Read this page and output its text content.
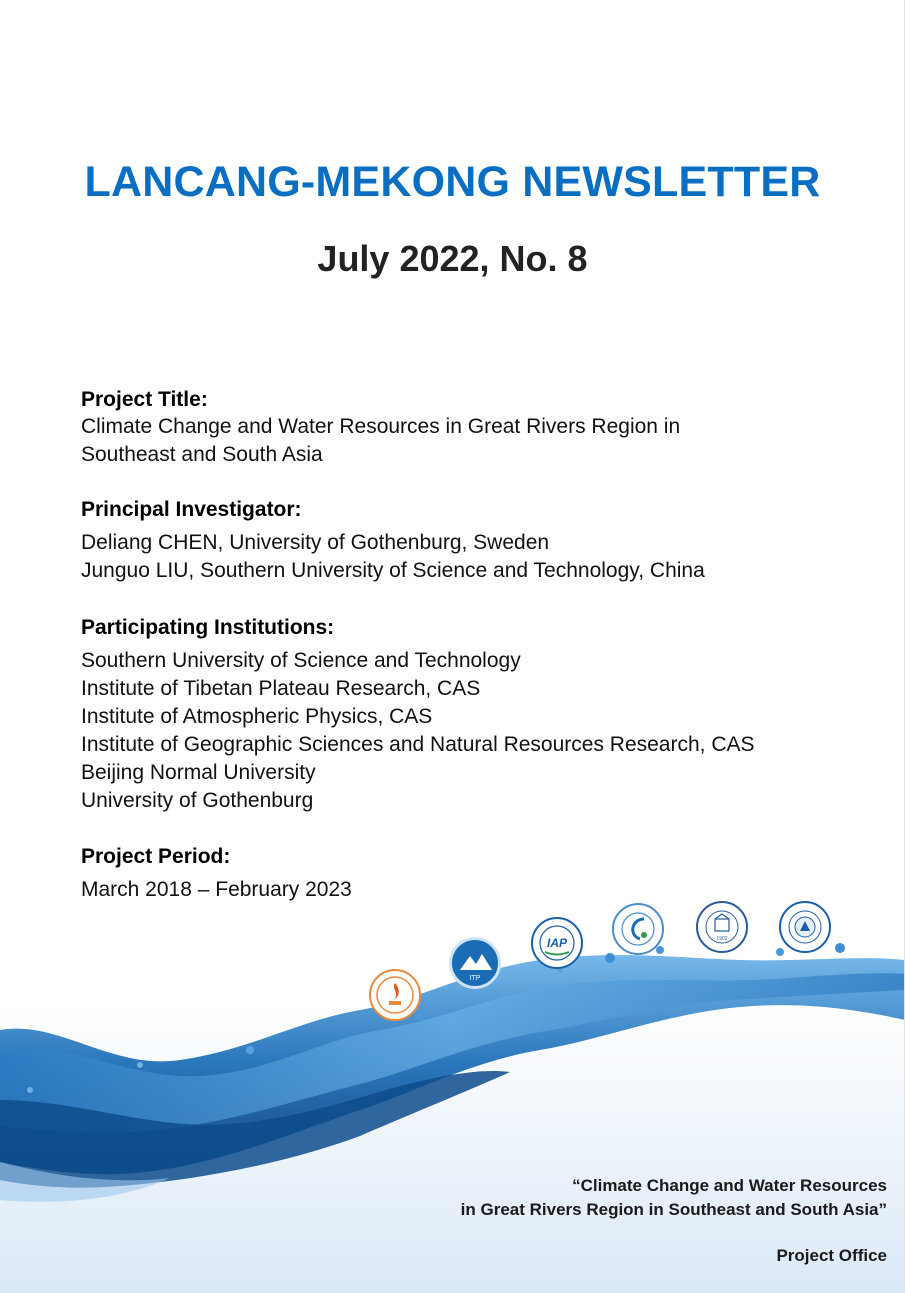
LANCANG-MEKONG NEWSLETTER
July 2022, No. 8
Project Title:
Climate Change and Water Resources in Great Rivers Region in
Southeast and South Asia
Principal Investigator:
Deliang CHEN, University of Gothenburg, Sweden
Junguo LIU, Southern University of Science and Technology, China
Participating Institutions:
Southern University of Science and Technology
Institute of Tibetan Plateau Research, CAS
Institute of Atmospheric Physics, CAS
Institute of Geographic Sciences and Natural Resources Research, CAS
Beijing Normal University
University of Gothenburg
Project Period:
March 2018 – February 2023
ITP
IAP	1902
“Climate Change and Water Resources
in Great Rivers Region in Southeast and South Asia”
Project Office
